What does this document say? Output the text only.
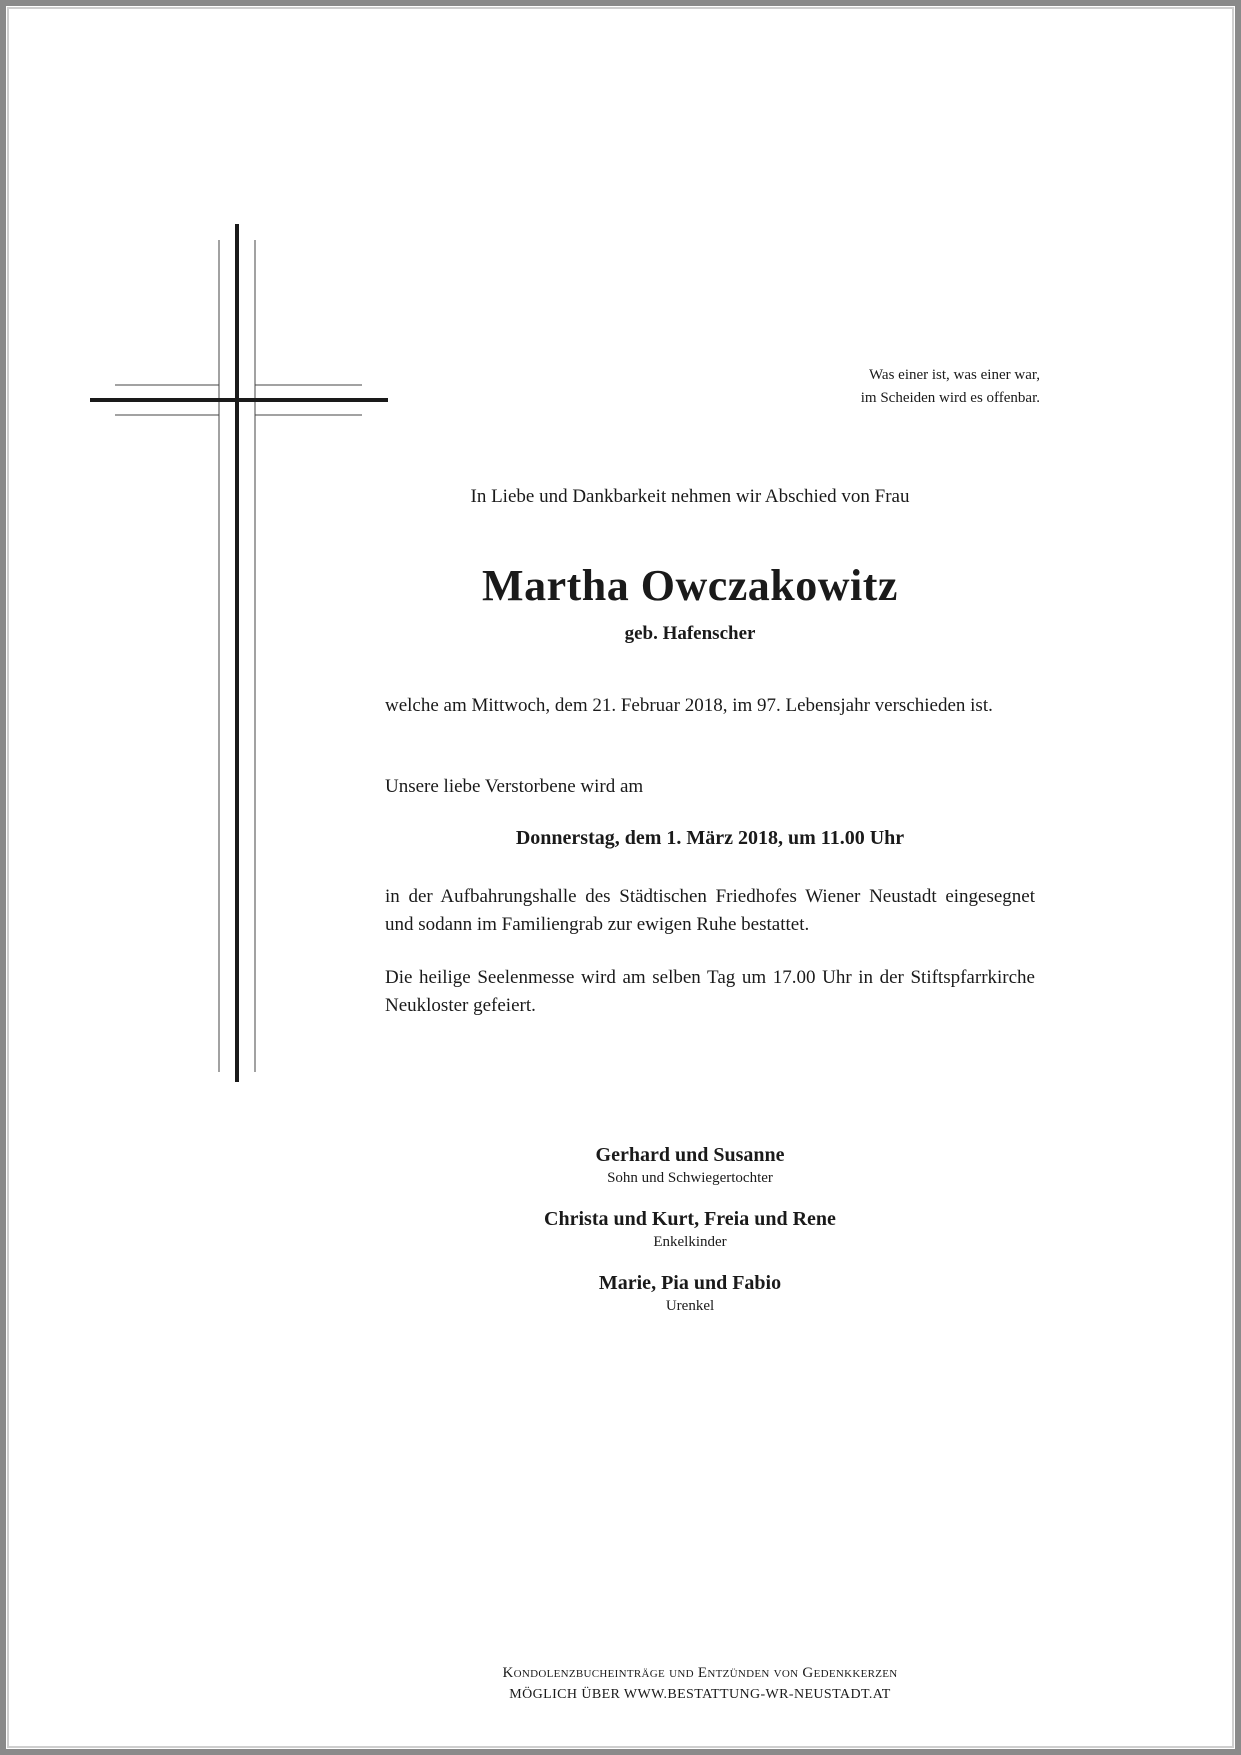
Was einer ist, was einer war,
im Scheiden wird es offenbar.
In Liebe und Dankbarkeit nehmen wir Abschied von Frau
Martha Owczakowitz
geb. Hafenscher
welche am Mittwoch, dem 21. Februar 2018, im 97. Lebensjahr verschieden ist.
Unsere liebe Verstorbene wird am
Donnerstag, dem 1. März 2018, um 11.00 Uhr
in der Aufbahrungshalle des Städtischen Friedhofes Wiener Neustadt eingesegnet und sodann im Familiengrab zur ewigen Ruhe bestattet.
Die heilige Seelenmesse wird am selben Tag um 17.00 Uhr in der Stiftspfarrkirche Neukloster gefeiert.
Gerhard und Susanne
Sohn und Schwiegertochter
Christa und Kurt, Freia und Rene
Enkelkinder
Marie, Pia und Fabio
Urenkel
Kondolenzbucheinträge und Entzünden von Gedenkkerzen
MÖGLICH ÜBER WWW.BESTATTUNG-WR-NEUSTADT.AT
